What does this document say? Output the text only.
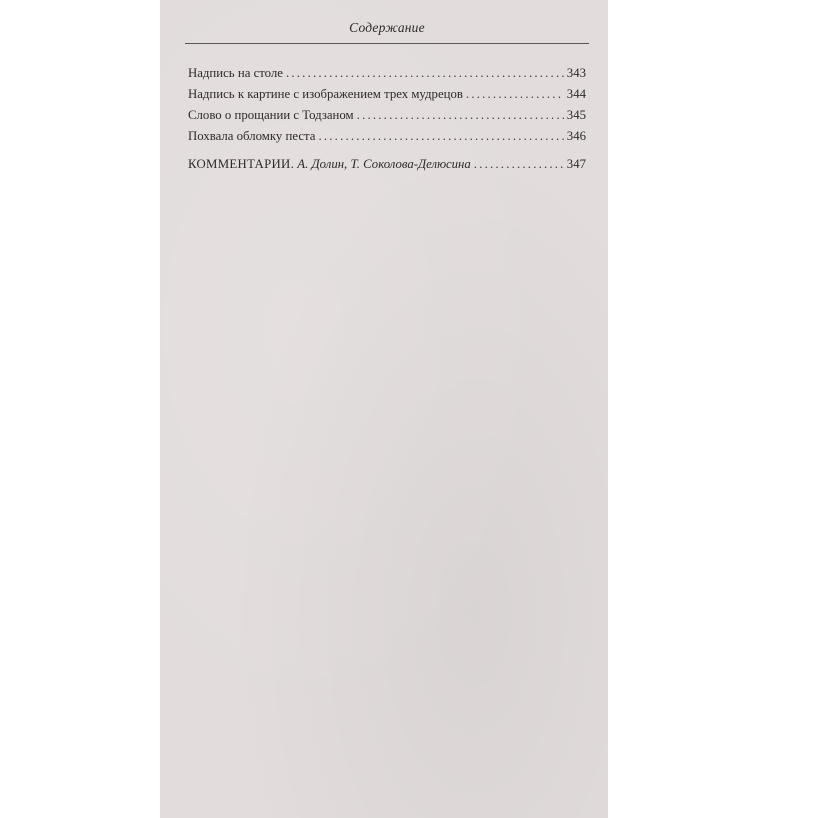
Содержание
Надпись на столе .....	343
Надпись к картине с изображением трех мудрецов .....	344
Слово о прощании с Тодзаном .....	345
Похвала обломку песта .....	346
КОММЕНТАРИИ. А. Долин, Т. Соколова-Делюсина .....	347
